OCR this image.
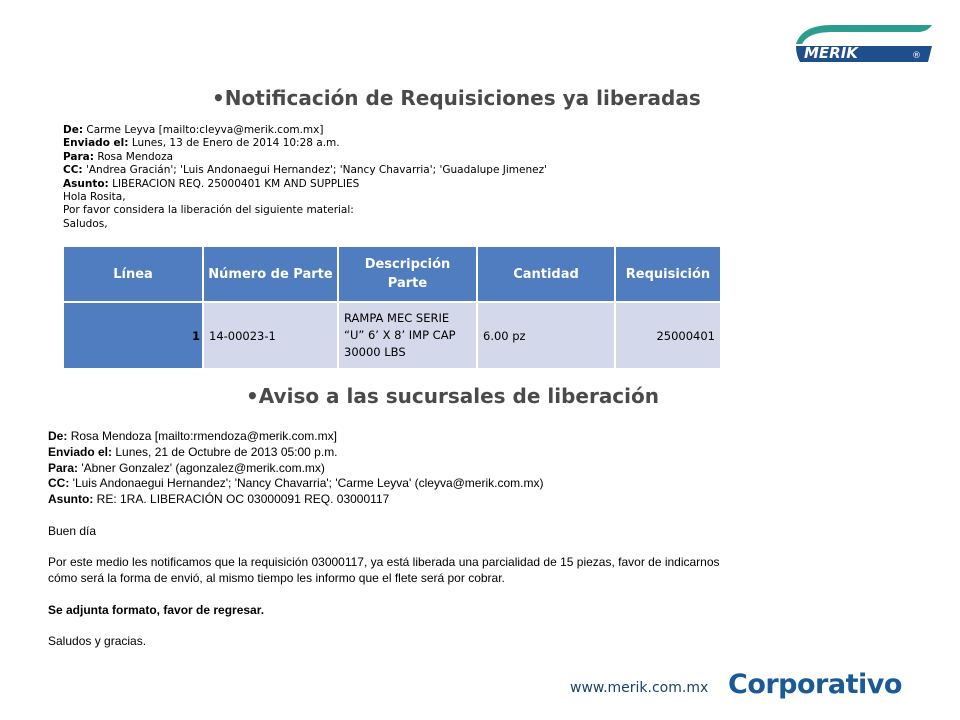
MERIK	®
•Notificación de Requisiciones ya liberadas
De: Carme Leyva [mailto:cleyva@merik.com.mx]
Enviado el: Lunes, 13 de Enero de 2014 10:28 a.m.
Para: Rosa Mendoza
CC: 'Andrea Gracián'; 'Luis Andonaegui Hernandez'; 'Nancy Chavarria'; 'Guadalupe Jimenez'
Asunto: LIBERACION REQ. 25000401 KM AND SUPPLIES
Hola Rosita,
Por favor considera la liberación del siguiente material:
Saludos,
Línea	Número de Parte	Descripción Parte	Cantidad	Requisición
1	14-00023-1	RAMPA MEC SERIE “U” 6’ X 8’ IMP CAP 30000 LBS	6.00 pz	25000401
•Aviso a las sucursales de liberación
De: Rosa Mendoza [mailto:rmendoza@merik.com.mx]
Enviado el: Lunes, 21 de Octubre de 2013 05:00 p.m.
Para: 'Abner Gonzalez' (agonzalez@merik.com.mx)
CC: 'Luis Andonaegui Hernandez'; 'Nancy Chavarria'; 'Carme Leyva' (cleyva@merik.com.mx)
Asunto: RE: 1RA. LIBERACIÓN OC 03000091 REQ. 03000117
Buen día
Por este medio les notificamos que la requisición 03000117, ya está liberada una parcialidad de 15 piezas, favor de indicarnos
cómo será la forma de envió, al mismo tiempo les informo que el flete será por cobrar.
Se adjunta formato, favor de regresar.
Saludos y gracias.
www.merik.com.mx Corporativo
